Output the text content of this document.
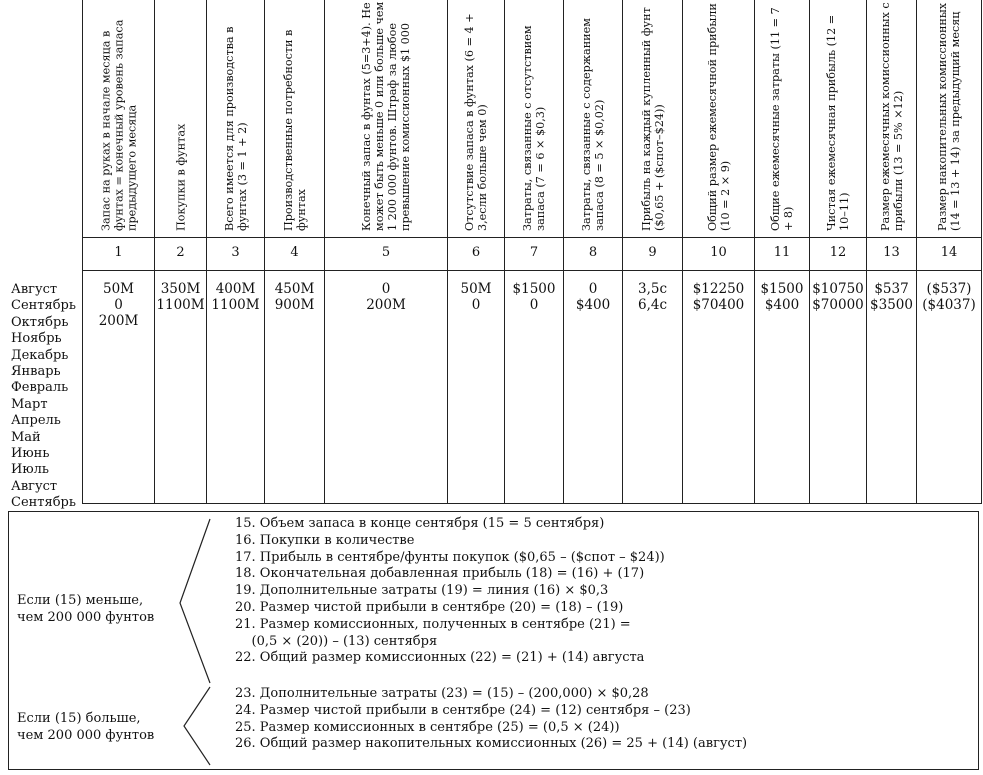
Запас на руках в начале месяца в фунтах = конечный уровень запаса предыдущего месяца
1
50M
0
200M
Покупки в фунтах
2
350M
1100M

Всего имеется для производства в фунтах (3 = 1 + 2)
3
400M
1100M

Производственные потребности в фунтах
4
450M
900M

Конечный запас в фунтах (5=3+4). Не может быть меньше 0 или больше чем 1 200 000 фунтов. Штраф за любое превышение комиссионных $1 000
5
0
200M

Отсутствие запаса в фунтах (6 = 4 + 3,если больше чем 0)
6
50M
0

Затраты, связанные с отсутствием запаса (7 = 6 × $0,3)
7
$1500
0

Затраты, связанные с содержанием запаса (8 = 5 × $0,02)
8
0
$400

Прибыль на каждый купленный фунт ($0,65 + ($спот–$24))
9
3,5с
6,4с

Общий размер ежемесячной прибыли (10 = 2 × 9)
10
$12250
$70400

Общие ежемесячные затраты (11 = 7 + 8)
11
$1500
$400

Чистая ежемесячная прибыль (12 = 10–11)
12
$10750
$70000

Размер ежемесячных комиссионных с прибыли (13 = 5% ×12)
13
$537
$3500

Размер накопительных комиссионных (14 = 13 + 14) за предыдущий месяц
14
($537)
($4037)

Август
Сентябрь
Октябрь
Ноябрь
Декабрь
Январь
Февраль
Март
Апрель
Май
Июнь
Июль
Август
Сентябрь
Если (15) меньше,
чем 200 000 фунтов
15. Объем запаса в конце сентября (15 = 5 сентября)
16. Покупки в количестве
17. Прибыль в сентябре/фунты покупок ($0,65 – ($спот – $24))
18. Окончательная добавленная прибыль (18) = (16) + (17)
19. Дополнительные затраты (19) = линия (16) × $0,3
20. Размер чистой прибыли в сентябре (20) = (18) – (19)
21. Размер комиссионных, полученных в сентябре (21) =
(0,5 × (20)) – (13) сентября
22. Общий размер комиссионных (22) = (21) + (14) августа
Если (15) больше,
чем 200 000 фунтов
23. Дополнительные затраты (23) = (15) – (200,000) × $0,28
24. Размер чистой прибыли в сентябре (24) = (12) сентября – (23)
25. Размер комиссионных в сентябре (25) = (0,5 × (24))
26. Общий размер накопительных комиссионных (26) = 25 + (14) (август)
